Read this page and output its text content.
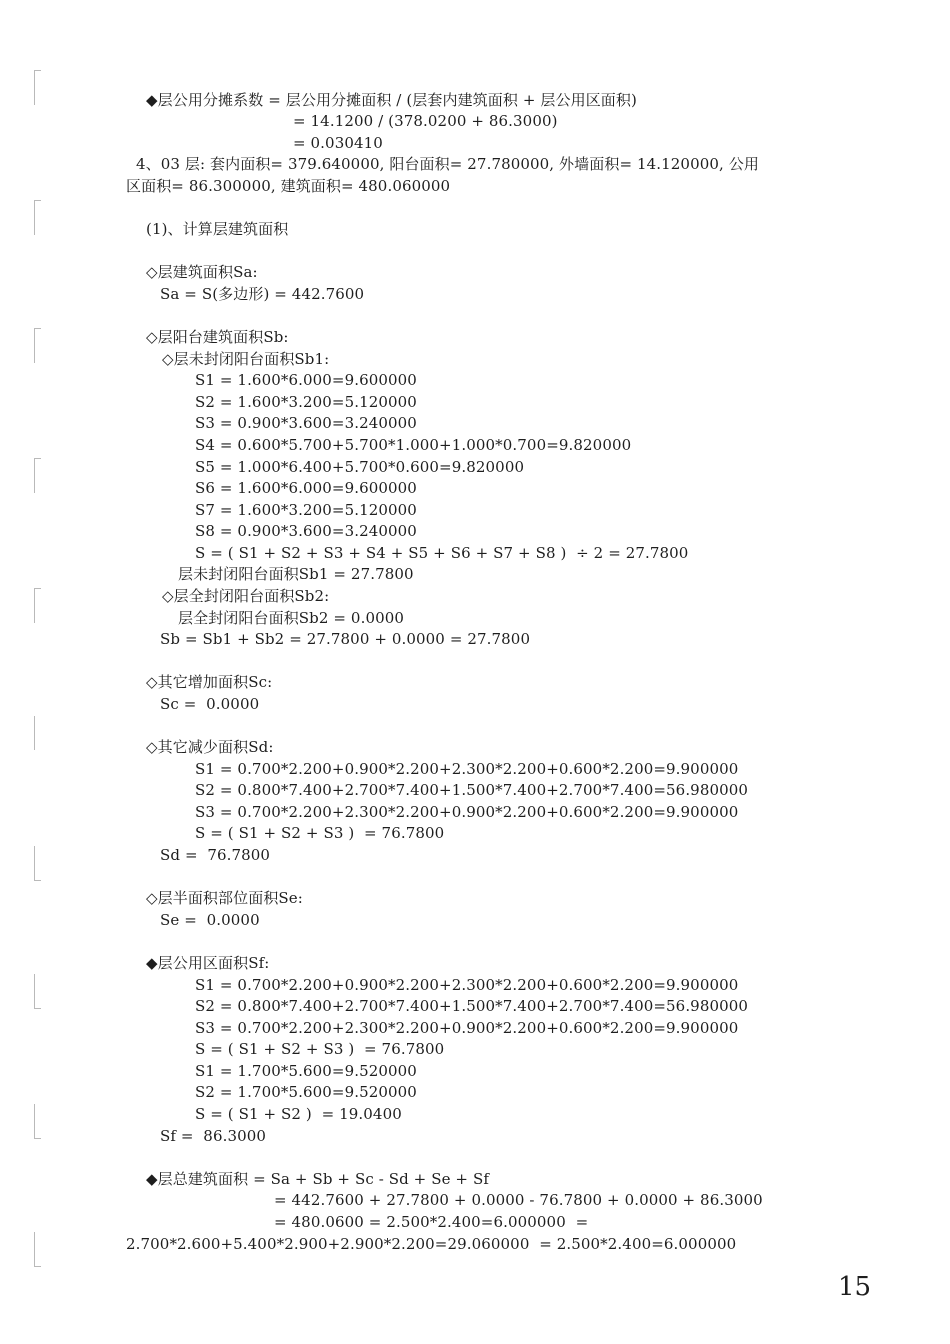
◆层公用分摊系数 = 层公用分摊面积 / (层套内建筑面积 + 层公用区面积)
= 14.1200 / (378.0200 + 86.3000)
= 0.030410
4、03 层: 套内面积= 379.640000, 阳台面积= 27.780000, 外墙面积= 14.120000, 公用
区面积= 86.300000, 建筑面积= 480.060000
(1)、计算层建筑面积
◇层建筑面积Sa:
Sa = S(多边形) = 442.7600
◇层阳台建筑面积Sb:
◇层未封闭阳台面积Sb1:
S1 = 1.600*6.000=9.600000
S2 = 1.600*3.200=5.120000
S3 = 0.900*3.600=3.240000
S4 = 0.600*5.700+5.700*1.000+1.000*0.700=9.820000
S5 = 1.000*6.400+5.700*0.600=9.820000
S6 = 1.600*6.000=9.600000
S7 = 1.600*3.200=5.120000
S8 = 0.900*3.600=3.240000
S = ( S1 + S2 + S3 + S4 + S5 + S6 + S7 + S8 )  ÷ 2 = 27.7800
层未封闭阳台面积Sb1 = 27.7800
◇层全封闭阳台面积Sb2:
层全封闭阳台面积Sb2 = 0.0000
Sb = Sb1 + Sb2 = 27.7800 + 0.0000 = 27.7800
◇其它增加面积Sc:
Sc =  0.0000
◇其它减少面积Sd:
S1 = 0.700*2.200+0.900*2.200+2.300*2.200+0.600*2.200=9.900000
S2 = 0.800*7.400+2.700*7.400+1.500*7.400+2.700*7.400=56.980000
S3 = 0.700*2.200+2.300*2.200+0.900*2.200+0.600*2.200=9.900000
S = ( S1 + S2 + S3 )  = 76.7800
Sd =  76.7800
◇层半面积部位面积Se:
Se =  0.0000
◆层公用区面积Sf:
S1 = 0.700*2.200+0.900*2.200+2.300*2.200+0.600*2.200=9.900000
S2 = 0.800*7.400+2.700*7.400+1.500*7.400+2.700*7.400=56.980000
S3 = 0.700*2.200+2.300*2.200+0.900*2.200+0.600*2.200=9.900000
S = ( S1 + S2 + S3 )  = 76.7800
S1 = 1.700*5.600=9.520000
S2 = 1.700*5.600=9.520000
S = ( S1 + S2 )  = 19.0400
Sf =  86.3000
◆层总建筑面积 = Sa + Sb + Sc - Sd + Se + Sf
= 442.7600 + 27.7800 + 0.0000 - 76.7800 + 0.0000 + 86.3000
= 480.0600 = 2.500*2.400=6.000000  =
2.700*2.600+5.400*2.900+2.900*2.200=29.060000  = 2.500*2.400=6.000000
15
